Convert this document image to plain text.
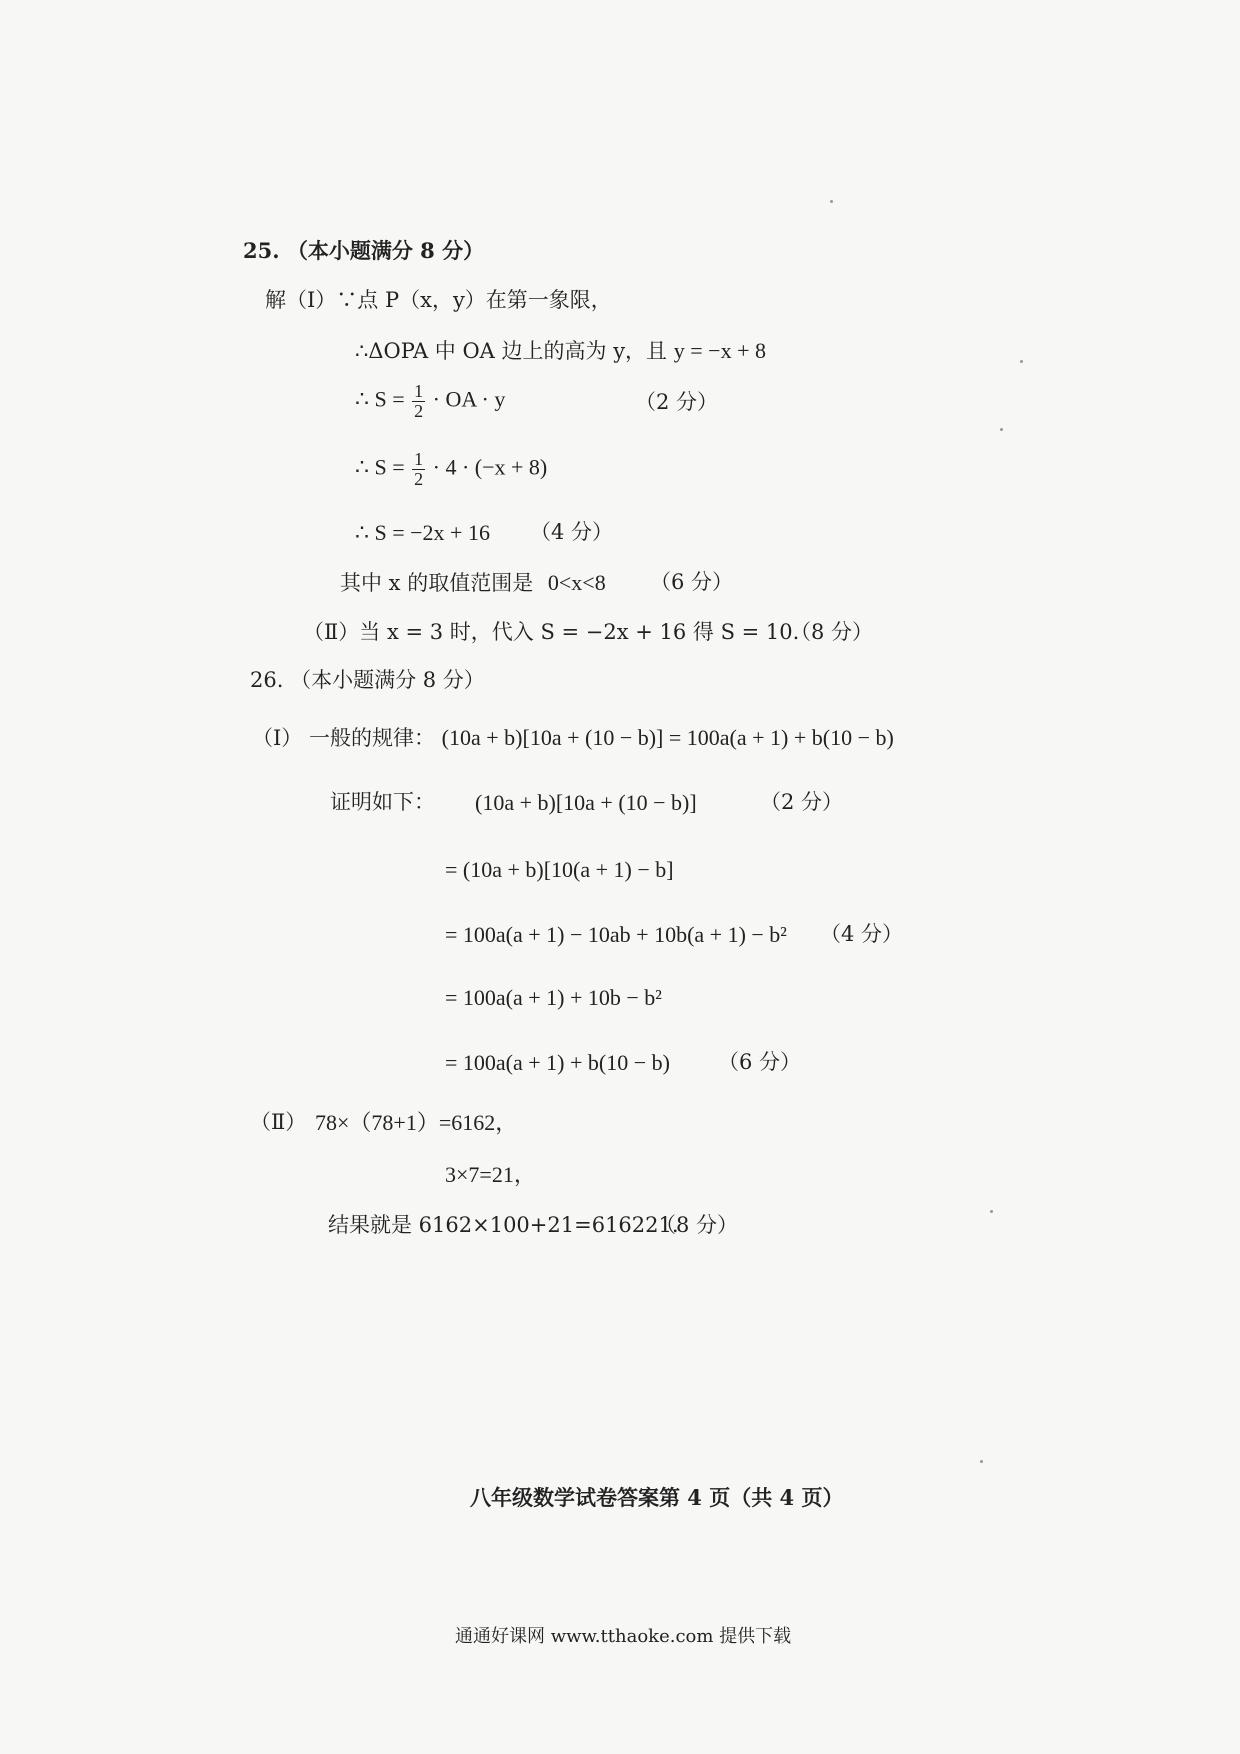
25. （本小题满分 8 分）
解（Ⅰ）∵点 P（x，y）在第一象限，
∴ΔOPA 中 OA 边上的高为 y，且 y = −x + 8
∴ $S = \frac{1}{2}$ · OA · y	（2 分）
∴ $S = \frac{1}{2} \cdot 4 \cdot (-x + 8)$
∴ S = −2x + 16 （4 分）
其中 x 的取值范围是 0<x<8 （6 分）
（Ⅱ）当 x = 3 时，代入 S = −2x + 16 得 S = 10.
（8 分）
26. （本小题满分 8 分）
（Ⅰ） 一般的规律： (10a + b)[10a + (10 − b)] = 100a(a + 1) + b(10 − b)
证明如下： (10a + b)[10a + (10 − b)]	（2 分）
= (10a + b)[10(a + 1) − b]
= 100a(a + 1) − 10ab + 10b(a + 1) − b² （4 分）
= 100a(a + 1) + 10b − b²
= 100a(a + 1) + b(10 − b) （6 分）
（Ⅱ） 78×（78+1）=6162，
3×7=21，
结果就是 6162×100+21=616221.
（8 分）
八年级数学试卷答案第 4 页（共 4 页）
通通好课网 www.tthaoke.com 提供下载
